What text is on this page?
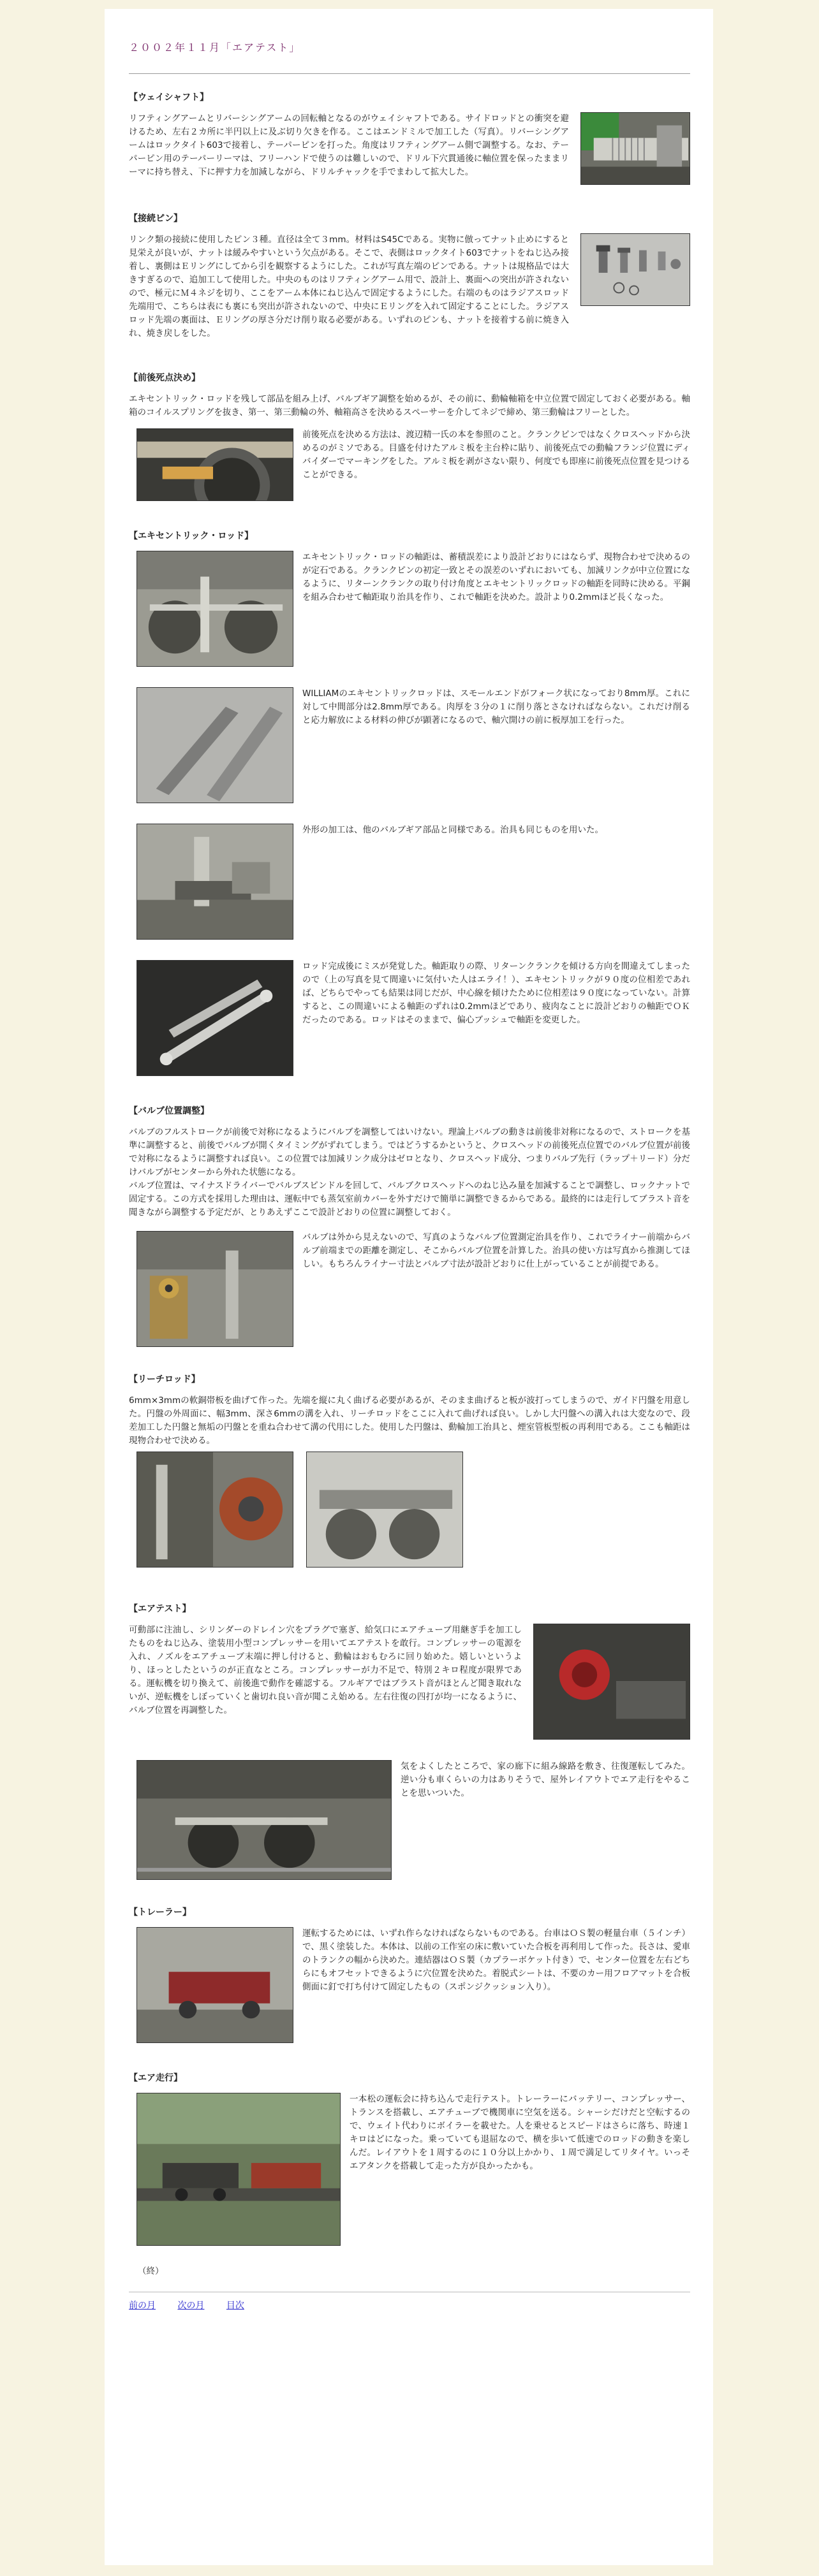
２００２年１１月「エアテスト」
【ウェイシャフト】

リフティングアームとリバーシングアームの回転軸となるのがウェイシャフトである。サイドロッドとの衝突を避けるため、左右２カ所に半円以上に及ぶ切り欠きを作る。ここはエンドミルで加工した（写真）。リバーシングアームはロックタイト603で接着し、テーパーピンを打った。角度はリフティングアーム側で調整する。なお、テーパーピン用のテーパーリーマは、フリーハンドで使うのは難しいので、ドリル下穴貫通後に軸位置を保ったままリーマに持ち替え、下に押す力を加減しながら、ドリルチャックを手でまわして拡大した。

【接続ピン】

リンク類の接続に使用したピン３種。直径は全て３mm。材料はS45Cである。実物に倣ってナット止めにすると見栄えが良いが、ナットは緩みやすいという欠点がある。そこで、表側はロックタイト603でナットをねじ込み接着し、裏側はＥリングにしてから引を観察するようにした。これが写真左端のピンである。ナットは規格品では大きすぎるので、追加工して使用した。中央のものはリフティングアーム用で、設計上、裏面への突出が許されないので、極元にＭ４ネジを切り、ここをアーム本体にねじ込んで固定するようにした。右端のものはラジアスロッド先端用で、こちらは表にも裏にも突出が許されないので、中央にＥリングを入れて固定することにした。ラジアスロッド先端の裏面は、Ｅリングの厚さ分だけ削り取る必要がある。いずれのピンも、ナットを接着する前に焼き入れ、焼き戻しをした。

【前後死点決め】

エキセントリック・ロッドを残して部品を組み上げ、バルブギア調整を始めるが、その前に、動輪軸箱を中立位置で固定しておく必要がある。軸箱のコイルスプリングを抜き、第一、第三動輪の外、軸箱高さを決めるスペーサーを介してネジで締め、第三動輪はフリーとした。

前後死点を決める方法は、渡辺精一氏の本を参照のこと。クランクピンではなくクロスヘッドから決めるのがミソである。目盛を付けたアルミ板を主台枠に貼り、前後死点での動輪フランジ位置にディバイダーでマーキングをした。アルミ板を剥がさない限り、何度でも即座に前後死点位置を見つけることができる。

【エキセントリック・ロッド】

エキセントリック・ロッドの軸距は、蓄積誤差により設計どおりにはならず、現物合わせで決めるのが定石である。クランクピンの初定一致とその誤差のいずれにおいても、加減リンクが中立位置になるように、リターンクランクの取り付け角度とエキセントリックロッドの軸距を同時に決める。平鋼を組み合わせて軸距取り治具を作り、これで軸距を決めた。設計より0.2mmほど長くなった。

WILLIAMのエキセントリックロッドは、スモールエンドがフォーク状になっており8mm厚。これに対して中間部分は2.8mm厚である。肉厚を３分の１に削り落とさなければならない。これだけ削ると応力解放による材料の伸びが顕著になるので、軸穴開けの前に板厚加工を行った。

外形の加工は、他のバルブギア部品と同様である。治具も同じものを用いた。

ロッド完成後にミスが発覚した。軸距取りの際、リターンクランクを傾ける方向を間違えてしまったので（上の写真を見て間違いに気付いた人はエライ！）、エキセントリックが９０度の位相差であれば、どちらでやっても結果は同じだが、中心線を傾けたために位相差は９０度になっていない。計算すると、この間違いによる軸距のずれは0.2mmほどであり、疲肉なことに設計どおりの軸距でＯＫだったのである。ロッドはそのままで、偏心ブッシュで軸距を変更した。

【バルブ位置調整】

バルブのフルストロークが前後で対称になるようにバルブを調整してはいけない。理論上バルブの動きは前後非対称になるので、ストロークを基準に調整すると、前後でバルブが開くタイミングがずれてしまう。ではどうするかというと、クロスヘッドの前後死点位置でのバルブ位置が前後で対称になるように調整すれば良い。この位置では加減リンク成分はゼロとなり、クロスヘッド成分、つまりバルブ先行（ラップ＋リード）分だけバルブがセンターから外れた状態になる。
バルブ位置は、マイナスドライバーでバルブスピンドルを回して、バルブクロスヘッドへのねじ込み量を加減することで調整し、ロックナットで固定する。この方式を採用した理由は、運転中でも蒸気室前カバーを外すだけで簡単に調整できるからである。最終的には走行してブラスト音を聞きながら調整する予定だが、とりあえずここで設計どおりの位置に調整しておく。

バルブは外から見えないので、写真のようなバルブ位置測定治具を作り、これでライナー前端からバルブ前端までの距離を測定し、そこからバルブ位置を計算した。治具の使い方は写真から推測してほしい。もちろんライナー寸法とバルブ寸法が設計どおりに仕上がっていることが前提である。

【リーチロッド】

6mm×3mmの軟銅帯板を曲げて作った。先端を縦に丸く曲げる必要があるが、そのまま曲げると板が波打ってしまうので、ガイド円盤を用意した。円盤の外周面に、幅3mm、深さ6mmの溝を入れ、リーチロッドをここに入れて曲げれば良い。しかし大円盤への溝入れは大変なので、段差加工した円盤と無垢の円盤とを重ね合わせて溝の代用にした。使用した円盤は、動輪加工治具と、煙室管板型板の再利用である。ここも軸距は現物合わせで決める。

【エアテスト】

可動部に注油し、シリンダーのドレイン穴をプラグで塞ぎ、給気口にエアチューブ用継ぎ手を加工したものをねじ込み、塗装用小型コンプレッサーを用いてエアテストを敢行。コンプレッサーの電源を入れ、ノズルをエアチューブ末端に押し付けると、動輪はおもむろに回り始めた。嬉しいというより、ほっとしたというのが正直なところ。コンプレッサーが力不足で、特別２キロ程度が限界である。運転機を切り換えて、前後進で動作を確認する。フルギアではブラスト音がほとんど聞き取れないが、逆転機をしぼっていくと歯切れ良い音が聞こえ始める。左右往復の四打が均一になるように、バルブ位置を再調整した。

気をよくしたところで、家の廊下に組み線路を敷き、往復運転してみた。逆い分も車くらいの力はありそうで、屋外レイアウトでエア走行をやることを思いついた。

【トレーラー】

運転するためには、いずれ作らなければならないものである。台車はＯＳ製の軽量台車（５インチ）で、黒く塗装した。本体は、以前の工作室の床に敷いていた合板を再利用して作った。長さは、愛車のトランクの幅から決めた。連結器はＯＳ製（カプラーボケット付き）で、センター位置を左右どちらにもオフセットできるように穴位置を決めた。着脱式シートは、不要のカー用フロアマットを合板側面に釘で打ち付けて固定したもの（スポンジクッション入り）。

【エア走行】

一本松の運転会に持ち込んで走行テスト。トレーラーにバッテリー、コンプレッサー、トランスを搭載し、エアチューブで機関車に空気を送る。シャーシだけだと空転するので、ウェイト代わりにボイラーを載せた。人を乗せるとスピードはさらに落ち、時速１キロはどになった。乗っていても退屈なので、横を歩いて低速でのロッドの動きを楽しんだ。レイアウトを１周するのに１０分以上かかり、１周で満足してリタイヤ。いっそエアタンクを搭載して走った方が良かったかも。

（終）

前の月 次の月 目次
